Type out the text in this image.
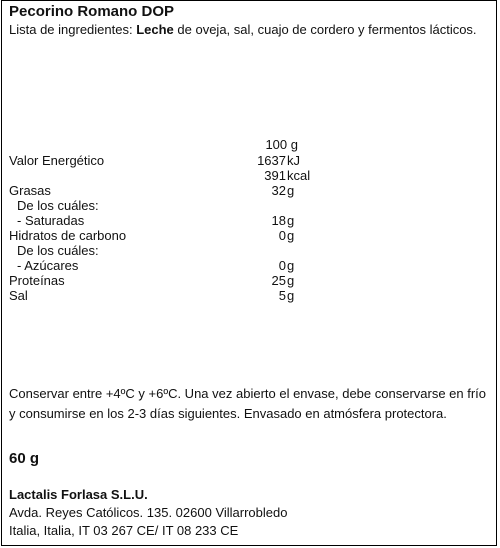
Pecorino Romano DOP
Lista de ingredientes: Leche de oveja, sal, cuajo de cordero y fermentos lácticos.
100 g
Valor Energético	1637 kJ
391 kcal
Grasas	32 g
De los cuáles:
- Saturadas	18 g
Hidratos de carbono	0 g
De los cuáles:
- Azúcares	0 g
Proteínas	25 g
Sal	5 g
Conservar entre +4ºC y +6ºC. Una vez abierto el envase, debe conservarse en frío y consumirse en los 2-3 días siguientes. Envasado en atmósfera protectora.
60 g
Lactalis Forlasa S.L.U.
Avda. Reyes Católicos. 135. 02600 Villarrobledo
Italia, Italia, IT 03 267 CE/ IT 08 233 CE
